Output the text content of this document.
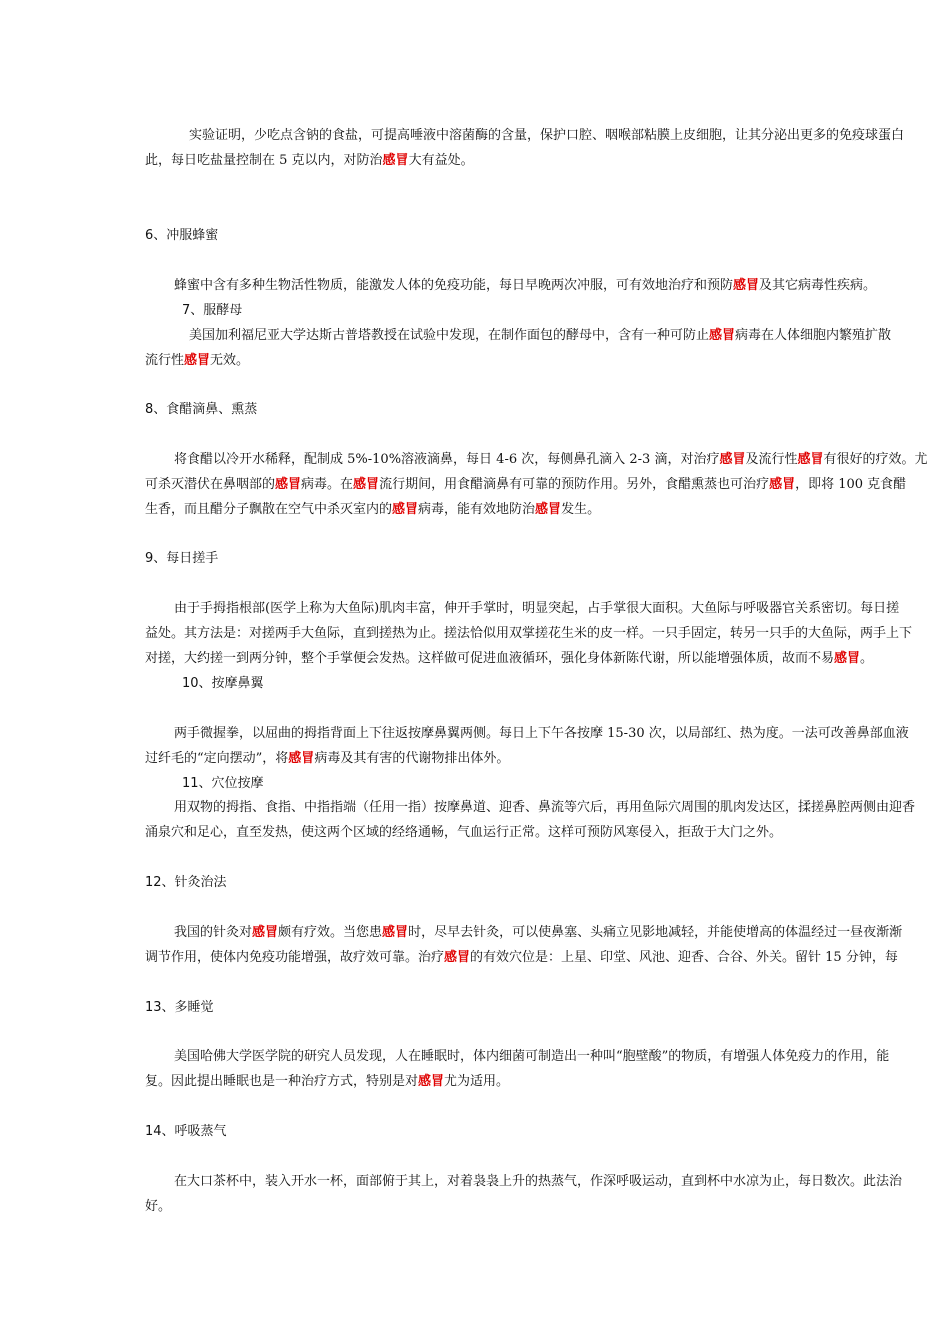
实验证明，少吃点含钠的食盐，可提高唾液中溶菌酶的含量，保护口腔、咽喉部粘膜上皮细胞，让其分泌出更多的免疫球蛋白
此，每日吃盐量控制在 5 克以内，对防治感冒大有益处。
6、冲服蜂蜜
蜂蜜中含有多种生物活性物质，能激发人体的免疫功能，每日早晚两次冲服，可有效地治疗和预防感冒及其它病毒性疾病。
7、服酵母
美国加利福尼亚大学达斯古普塔教授在试验中发现，在制作面包的酵母中，含有一种可防止感冒病毒在人体细胞内繁殖扩散
流行性感冒无效。
8、食醋滴鼻、熏蒸
将食醋以冷开水稀释，配制成 5%-10%溶液滴鼻，每日 4-6 次，每侧鼻孔滴入 2-3 滴，对治疗感冒及流行性感冒有很好的疗效。尤
可杀灭潜伏在鼻咽部的感冒病毒。在感冒流行期间，用食醋滴鼻有可靠的预防作用。另外，食醋熏蒸也可治疗感冒，即将 100 克食醋
生香，而且醋分子飘散在空气中杀灭室内的感冒病毒，能有效地防治感冒发生。
9、每日搓手
由于手拇指根部(医学上称为大鱼际)肌肉丰富，伸开手掌时，明显突起，占手掌很大面积。大鱼际与呼吸器官关系密切。每日搓
益处。其方法是：对搓两手大鱼际，直到搓热为止。搓法恰似用双掌搓花生米的皮一样。一只手固定，转另一只手的大鱼际，两手上下
对搓，大约搓一到两分钟，整个手掌便会发热。这样做可促进血液循环，强化身体新陈代谢，所以能增强体质，故而不易感冒。
10、按摩鼻翼
两手微握拳，以屈曲的拇指背面上下往返按摩鼻翼两侧。每日上下午各按摩 15-30 次，以局部红、热为度。一法可改善鼻部血液
过纤毛的“定向摆动”，将感冒病毒及其有害的代谢物排出体外。
11、穴位按摩
用双物的拇指、食指、中指指端（任用一指）按摩鼻道、迎香、鼻流等穴后，再用鱼际穴周围的肌肉发达区，揉搓鼻腔两侧由迎香
涌泉穴和足心，直至发热，使这两个区域的经络通畅，气血运行正常。这样可预防风寒侵入，拒敌于大门之外。
12、针灸治法
我国的针灸对感冒颇有疗效。当您患感冒时，尽早去针灸，可以使鼻塞、头痛立见影地减轻，并能使增高的体温经过一昼夜渐渐
调节作用，使体内免疫功能增强，故疗效可靠。治疗感冒的有效穴位是：上星、印堂、风池、迎香、合谷、外关。留针 15 分钟，每
13、多睡觉
美国哈佛大学医学院的研究人员发现，人在睡眠时，体内细菌可制造出一种叫“胞壁酸”的物质，有增强人体免疫力的作用，能
复。因此提出睡眠也是一种治疗方式，特别是对感冒尤为适用。
14、呼吸蒸气
在大口茶杯中，装入开水一杯，面部俯于其上，对着袅袅上升的热蒸气，作深呼吸运动，直到杯中水凉为止，每日数次。此法治
好。
